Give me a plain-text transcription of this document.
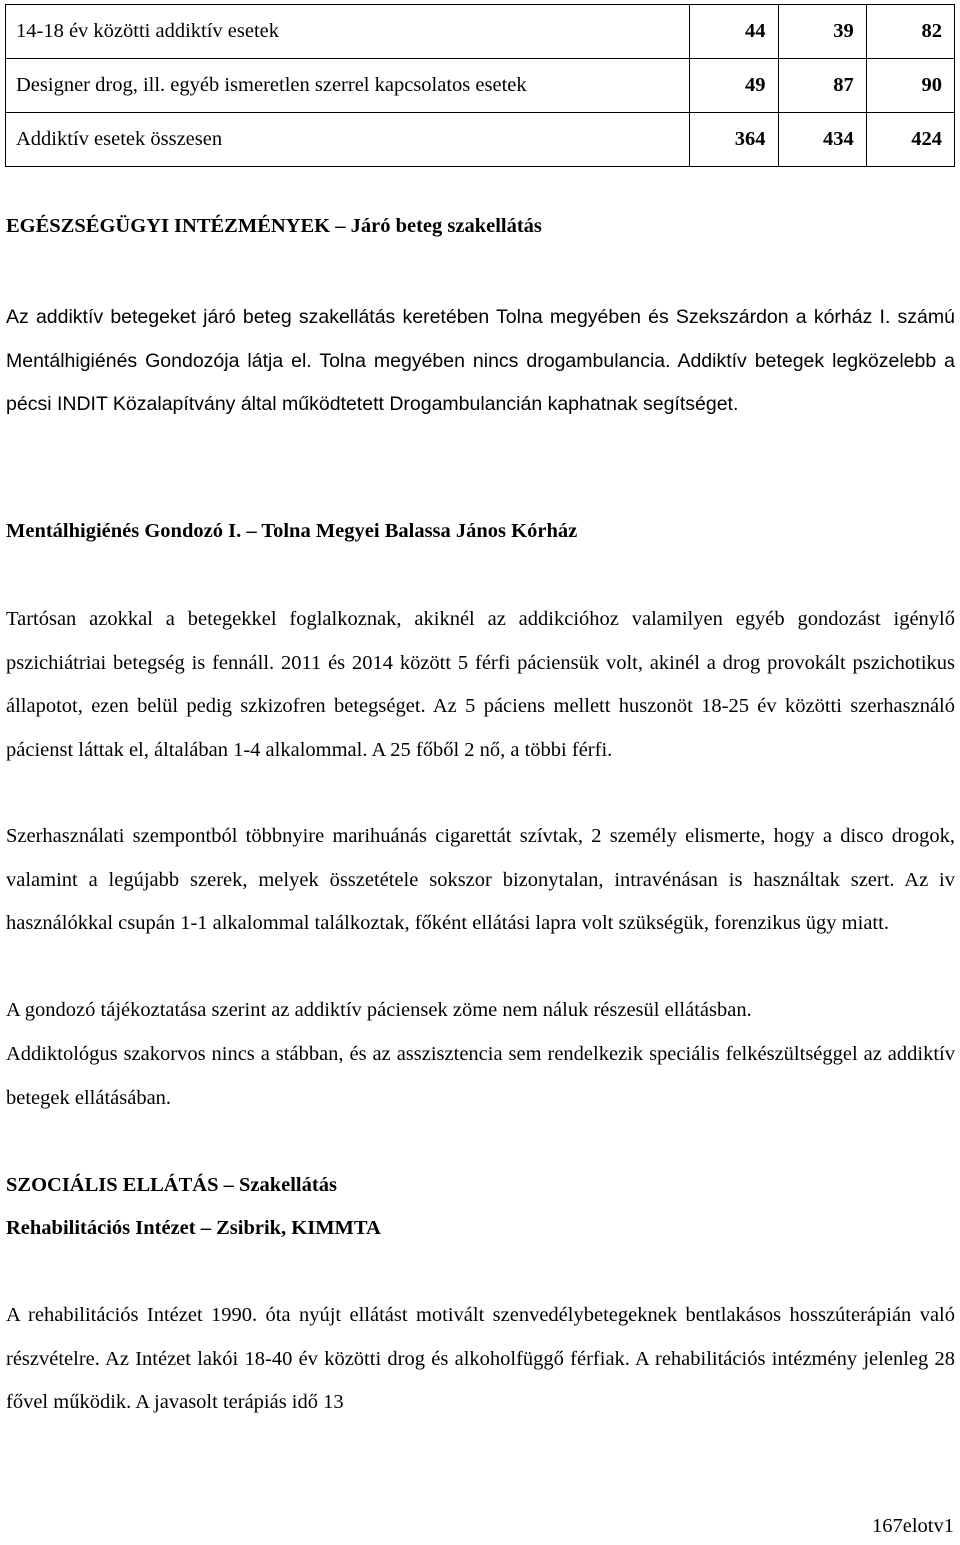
14-18 év közötti addiktív esetek	44	39	82
Designer drog, ill. egyéb ismeretlen szerrel kapcsolatos esetek	49	87	90
Addiktív esetek összesen	364	434	424
EGÉSZSÉGÜGYI INTÉZMÉNYEK – Járó beteg szakellátás
Az addiktív betegeket járó beteg szakellátás keretében Tolna megyében és Szekszárdon a kórház I. számú Mentálhigiénés Gondozója látja el. Tolna megyében nincs drogambulancia. Addiktív betegek legközelebb a pécsi INDIT Közalapítvány által működtetett Drogambulancián kaphatnak segítséget.
Mentálhigiénés Gondozó I. – Tolna Megyei Balassa János Kórház
Tartósan azokkal a betegekkel foglalkoznak, akiknél az addikcióhoz valamilyen egyéb gondozást igénylő pszichiátriai betegség is fennáll. 2011 és 2014 között 5 férfi páciensük volt, akinél a drog provokált pszichotikus állapotot, ezen belül pedig szkizofren betegséget. Az 5 páciens mellett huszonöt 18-25 év közötti szerhasználó pácienst láttak el, általában 1-4 alkalommal. A 25 főből 2 nő, a többi férfi.
Szerhasználati szempontból többnyire marihuánás cigarettát szívtak, 2 személy elismerte, hogy a disco drogok, valamint a legújabb szerek, melyek összetétele sokszor bizonytalan, intravénásan is használtak szert. Az iv használókkal csupán 1-1 alkalommal találkoztak, főként ellátási lapra volt szükségük, forenzikus ügy miatt.
A gondozó tájékoztatása szerint az addiktív páciensek zöme nem náluk részesül ellátásban.
Addiktológus szakorvos nincs a stábban, és az asszisztencia sem rendelkezik speciális felkészültséggel az addiktív betegek ellátásában.
SZOCIÁLIS ELLÁTÁS – Szakellátás
Rehabilitációs Intézet – Zsibrik, KIMMTA
A rehabilitációs Intézet 1990. óta nyújt ellátást motivált szenvedélybetegeknek bentlakásos hosszúterápián való részvételre. Az Intézet lakói 18-40 év közötti drog és alkoholfüggő férfiak. A rehabilitációs intézmény jelenleg 28 fővel működik. A javasolt terápiás idő 13
167elotv1
